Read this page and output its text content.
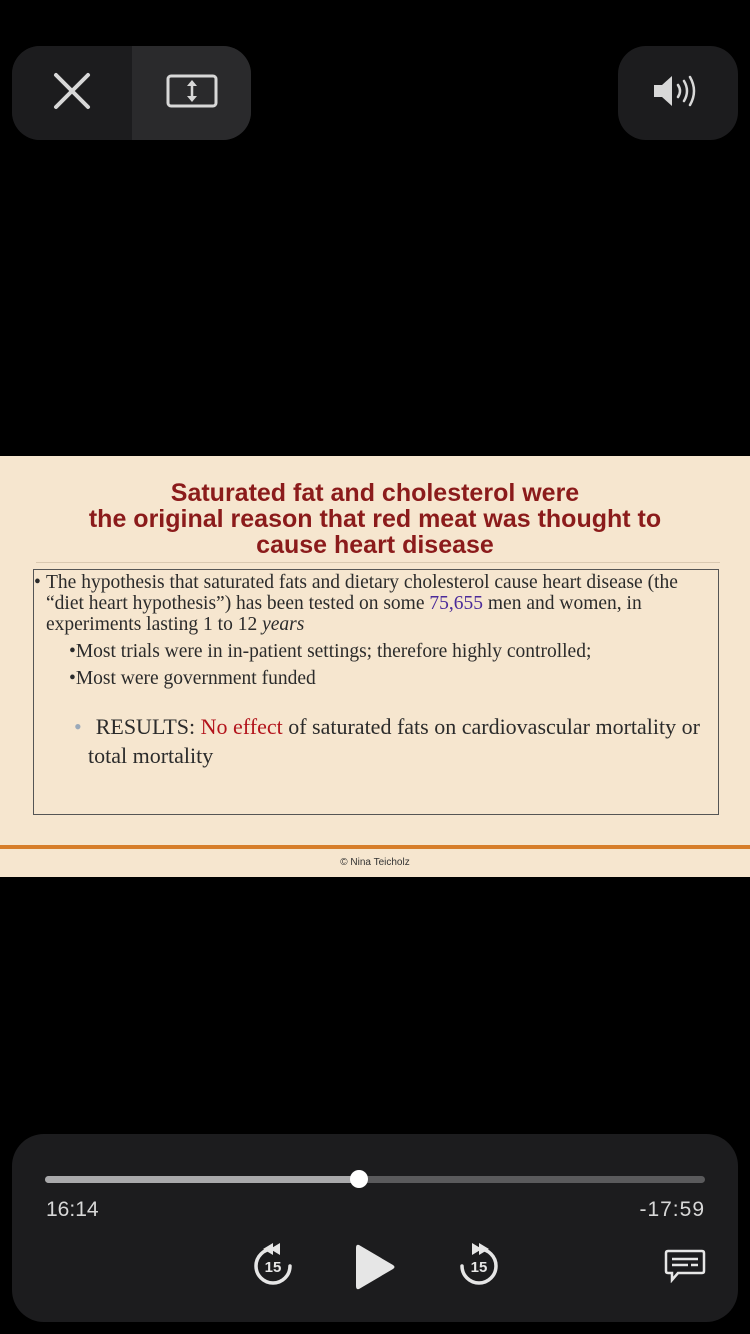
Saturated fat and cholesterol were
the original reason that red meat was thought to
cause heart disease
• The hypothesis that saturated fats and dietary cholesterol cause heart disease (the “diet heart hypothesis”) has been tested on some 75,655 men and women, in experiments lasting 1 to 12 years
•Most trials were in in-patient settings; therefore highly controlled;
•Most were government funded
• RESULTS: No effect of saturated fats on cardiovascular mortality or total mortality
© Nina Teicholz
16:14	-17:59
15	15
